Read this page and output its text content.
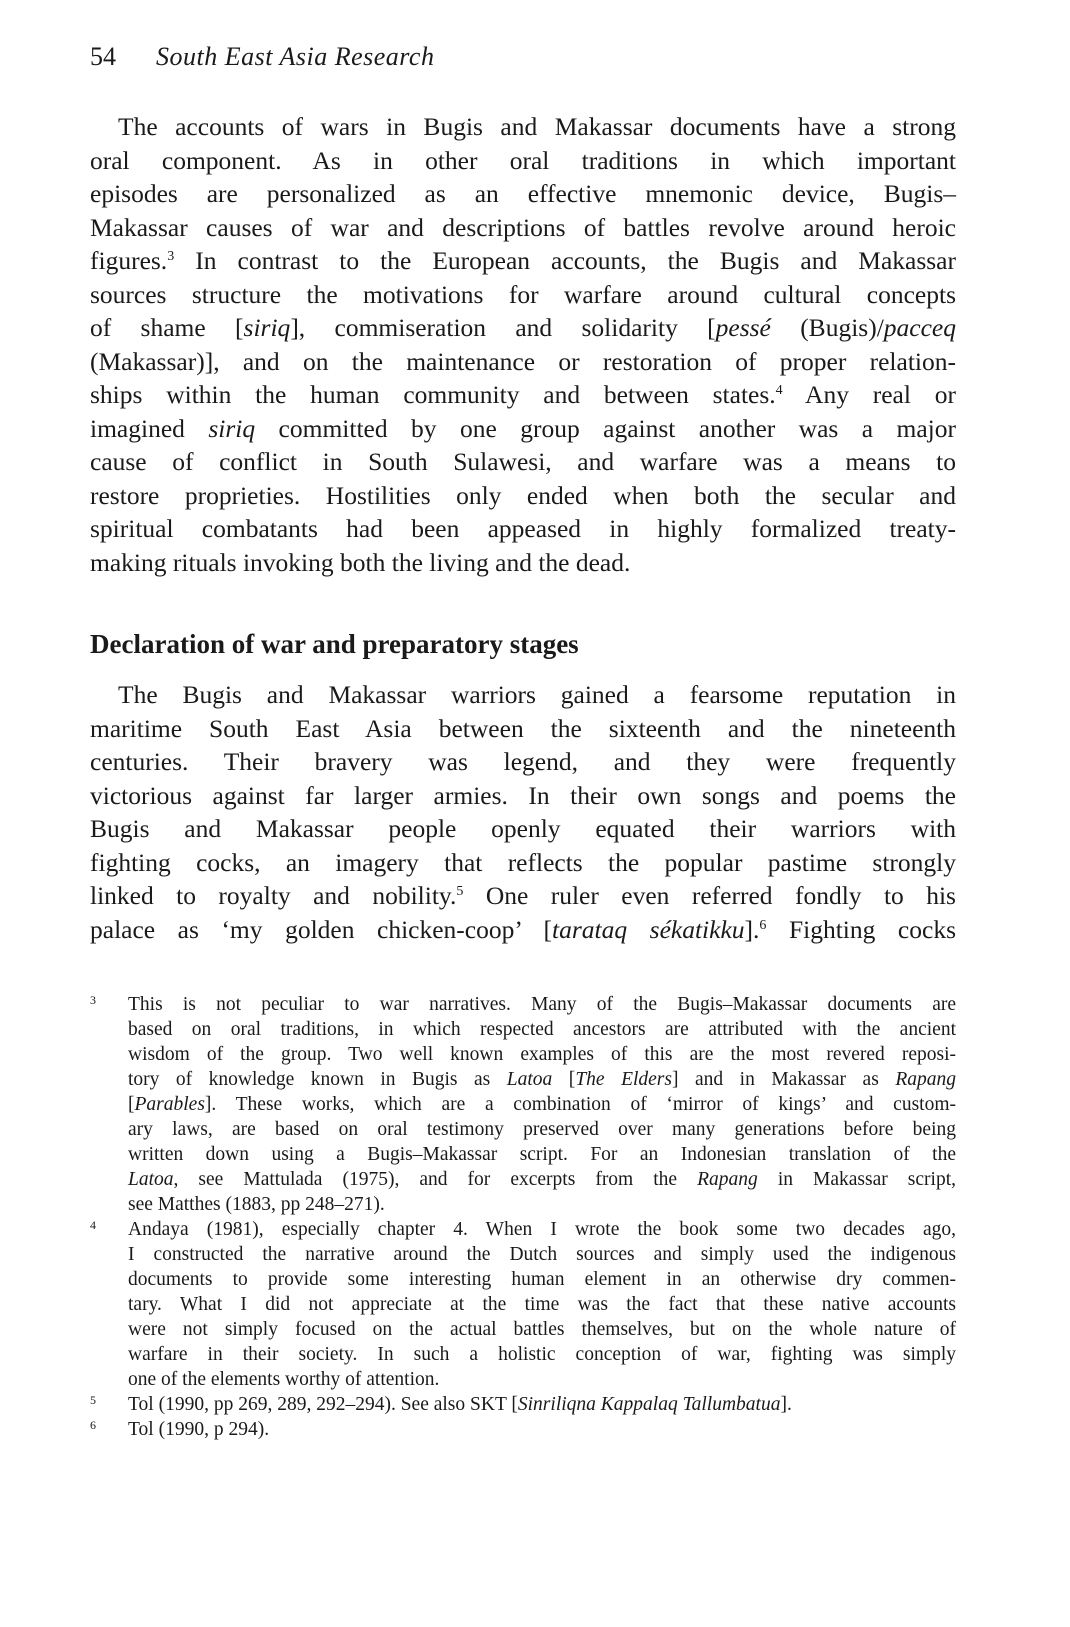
54 South East Asia Research
The accounts of wars in Bugis and Makassar documents have a strong
oral component. As in other oral traditions in which important
episodes are personalized as an effective mnemonic device, Bugis–
Makassar causes of war and descriptions of battles revolve around heroic
figures.$^3$ In contrast to the European accounts, the Bugis and Makassar
sources structure the motivations for warfare around cultural concepts
of shame [siriq], commiseration and solidarity [pessé (Bugis)/pacceq
(Makassar)], and on the maintenance or restoration of proper relation-
ships within the human community and between states.$^4$ Any real or
imagined siriq committed by one group against another was a major
cause of conflict in South Sulawesi, and warfare was a means to
restore proprieties. Hostilities only ended when both the secular and
spiritual combatants had been appeased in highly formalized treaty-
making rituals invoking both the living and the dead.
Declaration of war and preparatory stages
The Bugis and Makassar warriors gained a fearsome reputation in
maritime South East Asia between the sixteenth and the nineteenth
centuries. Their bravery was legend, and they were frequently
victorious against far larger armies. In their own songs and poems the
Bugis and Makassar people openly equated their warriors with
fighting cocks, an imagery that reflects the popular pastime strongly
linked to royalty and nobility.$^5$ One ruler even referred fondly to his
palace as ‘my golden chicken-coop’ [tarataq sékatikku].$^6$ Fighting cocks
3 This is not peculiar to war narratives. Many of the Bugis–Makassar documents are
based on oral traditions, in which respected ancestors are attributed with the ancient
wisdom of the group. Two well known examples of this are the most revered reposi-
tory of knowledge known in Bugis as Latoa [The Elders] and in Makassar as Rapang
[Parables]. These works, which are a combination of ‘mirror of kings’ and custom-
ary laws, are based on oral testimony preserved over many generations before being
written down using a Bugis–Makassar script. For an Indonesian translation of the
Latoa, see Mattulada (1975), and for excerpts from the Rapang in Makassar script,
see Matthes (1883, pp 248–271).
4 Andaya (1981), especially chapter 4. When I wrote the book some two decades ago,
I constructed the narrative around the Dutch sources and simply used the indigenous
documents to provide some interesting human element in an otherwise dry commen-
tary. What I did not appreciate at the time was the fact that these native accounts
were not simply focused on the actual battles themselves, but on the whole nature of
warfare in their society. In such a holistic conception of war, fighting was simply
one of the elements worthy of attention.
5 Tol (1990, pp 269, 289, 292–294). See also SKT [Sinriliqna Kappalaq Tallumbatua].
6 Tol (1990, p 294).
